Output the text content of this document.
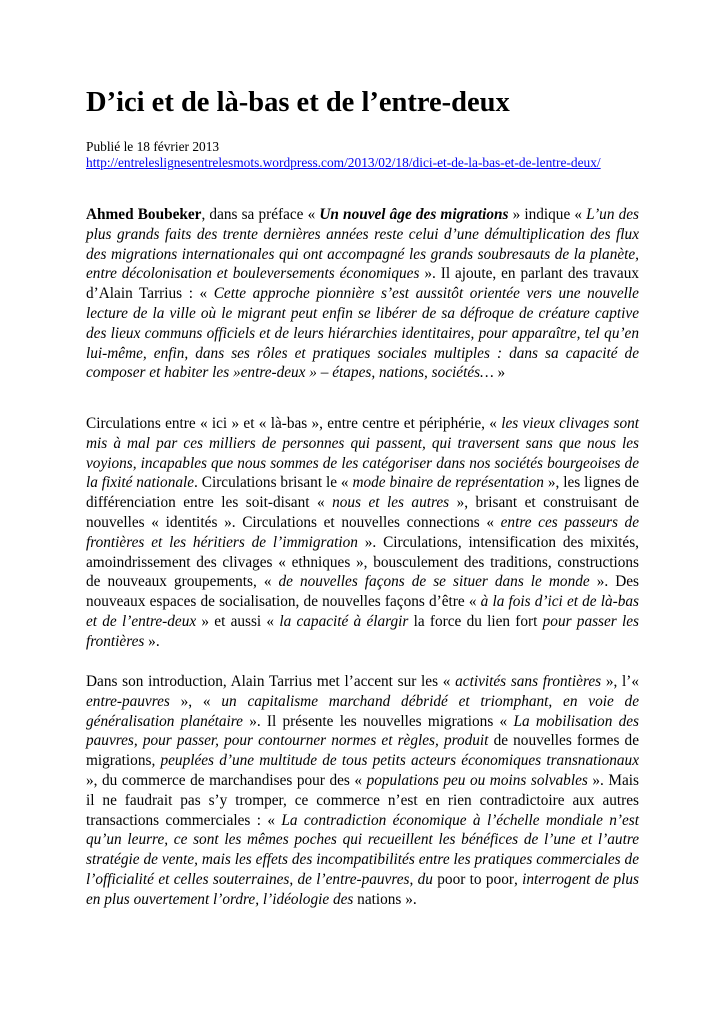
D’ici et de là-bas et de l’entre-deux
Publié le 18 février 2013
http://entreleslignesentrelesmots.wordpress.com/2013/02/18/dici-et-de-la-bas-et-de-lentre-deux/

Ahmed Boubeker, dans sa préface « Un nouvel âge des migrations » indique « L’un des plus grands faits des trente dernières années reste celui d’une démultiplication des flux des migrations internationales qui ont accompagné les grands soubresauts de la planète, entre décolonisation et bouleversements économiques ». Il ajoute, en parlant des travaux d’Alain Tarrius : « Cette approche pionnière s’est aussitôt orientée vers une nouvelle lecture de la ville où le migrant peut enfin se libérer de sa défroque de créature captive des lieux communs officiels et de leurs hiérarchies identitaires, pour apparaître, tel qu’en lui-même, enfin, dans ses rôles et pratiques sociales multiples : dans sa capacité de composer et habiter les »entre-deux » – étapes, nations, sociétés… »

Circulations entre « ici » et « là-bas », entre centre et périphérie, « les vieux clivages sont mis à mal par ces milliers de personnes qui passent, qui traversent sans que nous les voyions, incapables que nous sommes de les catégoriser dans nos sociétés bourgeoises de la fixité nationale. Circulations brisant le « mode binaire de représentation », les lignes de différenciation entre les soit-disant « nous et les autres », brisant et construisant de nouvelles « identités ». Circulations et nouvelles connections « entre ces passeurs de frontières et les héritiers de l’immigration ». Circulations, intensification des mixités, amoindrissement des clivages « ethniques », bousculement des traditions, constructions de nouveaux groupements, « de nouvelles façons de se situer dans le monde ». Des nouveaux espaces de socialisation, de nouvelles façons d’être « à la fois d’ici et de là-bas et de l’entre-deux » et aussi « la capacité à élargir la force du lien fort pour passer les frontières ».

Dans son introduction, Alain Tarrius met l’accent sur les « activités sans frontières », l’« entre-pauvres », « un capitalisme marchand débridé et triomphant, en voie de généralisation planétaire ». Il présente les nouvelles migrations « La mobilisation des pauvres, pour passer, pour contourner normes et règles, produit de nouvelles formes de migrations, peuplées d’une multitude de tous petits acteurs économiques transnationaux », du commerce de marchandises pour des « populations peu ou moins solvables ». Mais il ne faudrait pas s’y tromper, ce commerce n’est en rien contradictoire aux autres transactions commerciales : « La contradiction économique à l’échelle mondiale n’est qu’un leurre, ce sont les mêmes poches qui recueillent les bénéfices de l’une et l’autre stratégie de vente, mais les effets des incompatibilités entre les pratiques commerciales de l’officialité et celles souterraines, de l’entre-pauvres, du poor to poor, interrogent de plus en plus ouvertement l’ordre, l’idéologie des nations ».
